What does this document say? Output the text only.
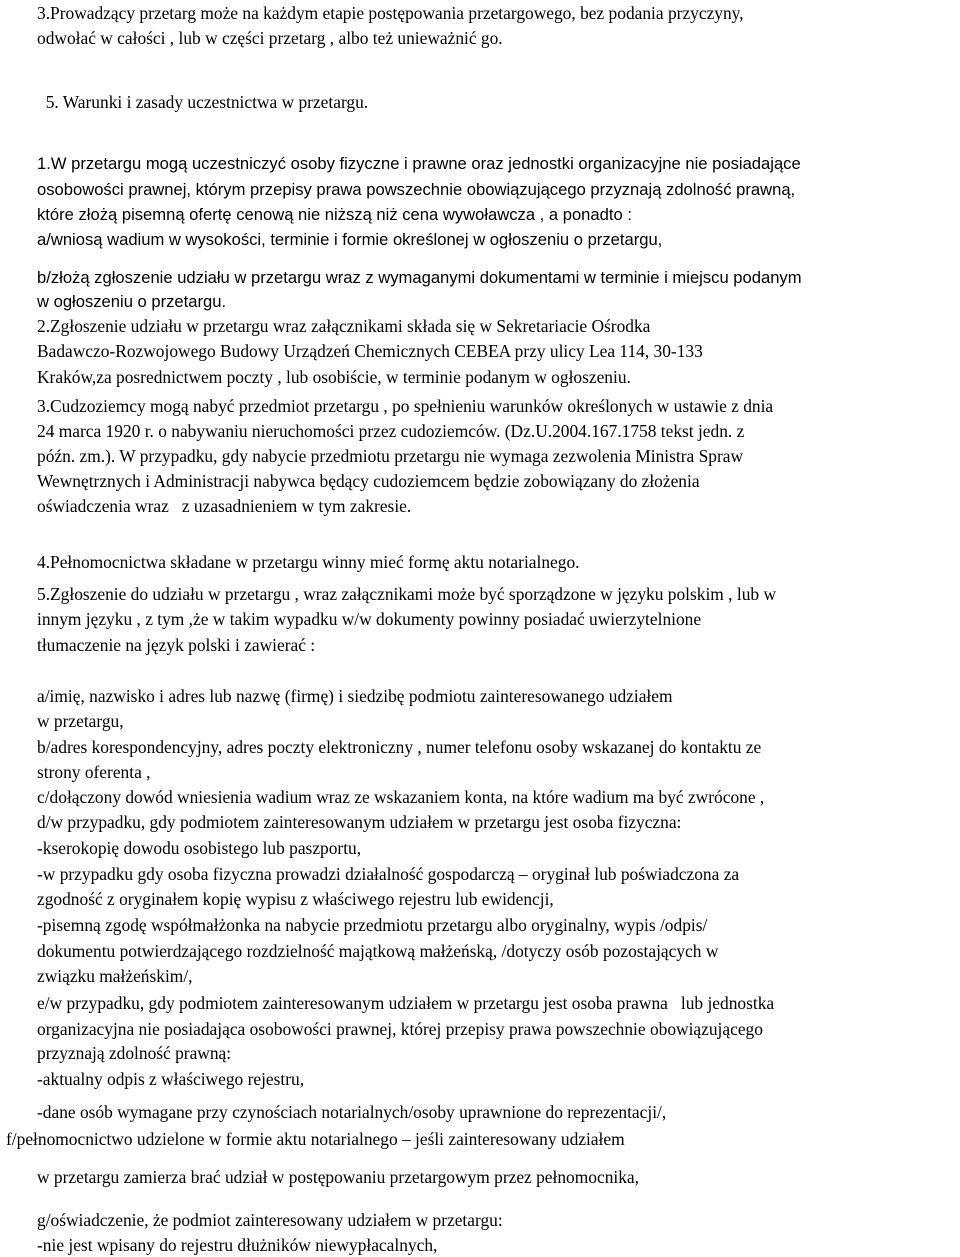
3.Prowadzący przetarg może na każdym etapie postępowania przetargowego, bez podania przyczyny,
odwołać w całości , lub w części przetarg , albo też unieważnić go.
5. Warunki i zasady uczestnictwa w przetargu.
1.W przetargu mogą uczestniczyć osoby fizyczne i prawne oraz jednostki organizacyjne nie posiadające
osobowości prawnej, którym przepisy prawa powszechnie obowiązującego przyznają zdolność prawną,
które złożą pisemną ofertę cenową nie niższą niż cena wywoławcza , a ponadto :
a/wniosą wadium w wysokości, terminie i formie określonej w ogłoszeniu o przetargu,
b/złożą zgłoszenie udziału w przetargu wraz z wymaganymi dokumentami w terminie i miejscu podanym
w ogłoszeniu o przetargu.
2.Zgłoszenie udziału w przetargu wraz załącznikami składa się w Sekretariacie Ośrodka
Badawczo-Rozwojowego Budowy Urządzeń Chemicznych CEBEA przy ulicy Lea 114, 30-133
Kraków,za posrednictwem poczty , lub osobiście, w terminie podanym w ogłoszeniu.
3.Cudzoziemcy mogą nabyć przedmiot przetargu , po spełnieniu warunków określonych w ustawie z dnia
24 marca 1920 r. o nabywaniu nieruchomości przez cudoziemców. (Dz.U.2004.167.1758 tekst jedn. z
późn. zm.). W przypadku, gdy nabycie przedmiotu przetargu nie wymaga zezwolenia Ministra Spraw
Wewnętrznych i Administracji nabywca będący cudoziemcem będzie zobowiązany do złożenia
oświadczenia wraz   z uzasadnieniem w tym zakresie.
4.Pełnomocnictwa składane w przetargu winny mieć formę aktu notarialnego.
5.Zgłoszenie do udziału w przetargu , wraz załącznikami może być sporządzone w języku polskim , lub w
innym języku , z tym ,że w takim wypadku w/w dokumenty powinny posiadać uwierzytelnione
tłumaczenie na język polski i zawierać :
a/imię, nazwisko i adres lub nazwę (firmę) i siedzibę podmiotu zainteresowanego udziałem
w przetargu,
b/adres korespondencyjny, adres poczty elektroniczny , numer telefonu osoby wskazanej do kontaktu ze
strony oferenta ,
c/dołączony dowód wniesienia wadium wraz ze wskazaniem konta, na które wadium ma być zwrócone ,
d/w przypadku, gdy podmiotem zainteresowanym udziałem w przetargu jest osoba fizyczna:
-kserokopię dowodu osobistego lub paszportu,
-w przypadku gdy osoba fizyczna prowadzi działalność gospodarczą – oryginał lub poświadczona za
zgodność z oryginałem kopię wypisu z właściwego rejestru lub ewidencji,
-pisemną zgodę współmałżonka na nabycie przedmiotu przetargu albo oryginalny, wypis /odpis/
dokumentu potwierdzającego rozdzielność majątkową małżeńską, /dotyczy osób pozostających w
związku małżeńskim/,
e/w przypadku, gdy podmiotem zainteresowanym udziałem w przetargu jest osoba prawna   lub jednostka
organizacyjna nie posiadająca osobowości prawnej, której przepisy prawa powszechnie obowiązującego
przyznają zdolność prawną:
-aktualny odpis z właściwego rejestru,
-dane osób wymagane przy czynościach notarialnych/osoby uprawnione do reprezentacji/,
f/pełnomocnictwo udzielone w formie aktu notarialnego – jeśli zainteresowany udziałem
w przetargu zamierza brać udział w postępowaniu przetargowym przez pełnomocnika,
g/oświadczenie, że podmiot zainteresowany udziałem w przetargu:
-nie jest wpisany do rejestru dłużników niewypłacalnych,
